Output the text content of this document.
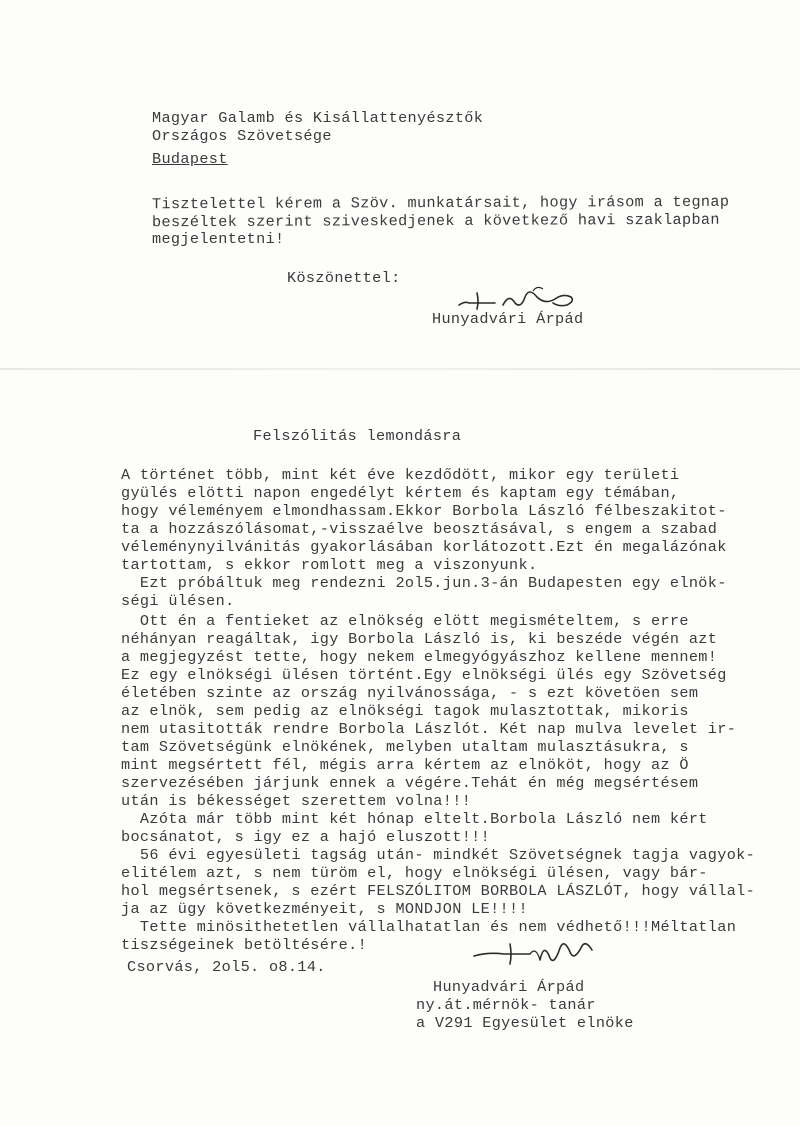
Magyar Galamb és Kisállattenyésztők
Országos Szövetsége
Budapest
Tisztelettel kérem a Szöv. munkatársait, hogy irásom a tegnap
beszéltek szerint sziveskedjenek a következő havi szaklapban
megjelentetni!
Köszönettel:
Hunyadvári Árpád
Felszólitás lemondásra
A történet több, mint két éve kezdődött, mikor egy területi
gyülés elötti napon engedélyt kértem és kaptam egy témában,
hogy véleményem elmondhassam.Ekkor Borbola László félbeszakitot-
ta a hozzászólásomat,-visszaélve beosztásával, s engem a szabad
véleménynyilvánitás gyakorlásában korlátozott.Ezt én megalázónak
tartottam, s ekkor romlott meg a viszonyunk.
Ezt próbáltuk meg rendezni 2ol5.jun.3-án Budapesten egy elnök-
ségi ülésen.
Ott én a fentieket az elnökség elött megismételtem, s erre
néhányan reagáltak, igy Borbola László is, ki beszéde végén azt
a megjegyzést tette, hogy nekem elmegyógyászhoz kellene mennem!
Ez egy elnökségi ülésen történt.Egy elnökségi ülés egy Szövetség
életében szinte az ország nyilvánossága, - s ezt követöen sem
az elnök, sem pedig az elnökségi tagok mulasztottak, mikoris
nem utasitották rendre Borbola Lászlót. Két nap mulva levelet ir-
tam Szövetségünk elnökének, melyben utaltam mulasztásukra, s
mint megsértett fél, mégis arra kértem az elnököt, hogy az Ö
szervezésében járjunk ennek a végére.Tehát én még megsértésem
után is békességet szerettem volna!!!
Azóta már több mint két hónap eltelt.Borbola László nem kért
bocsánatot, s igy ez a hajó eluszott!!!
56 évi egyesületi tagság után- mindkét Szövetségnek tagja vagyok-
elitélem azt, s nem türöm el, hogy elnökségi ülésen, vagy bár-
hol megsértsenek, s ezért FELSZÓLITOM BORBOLA LÁSZLÓT, hogy vállal-
ja az ügy következményeit, s MONDJON LE!!!!
Tette minösithetetlen vállalhatatlan és nem védhető!!!Méltatlan
tiszségeinek betöltésére.!
Csorvás, 2ol5. o8.14.
Hunyadvári Árpád
ny.át.mérnök- tanár
a V291 Egyesület elnöke
